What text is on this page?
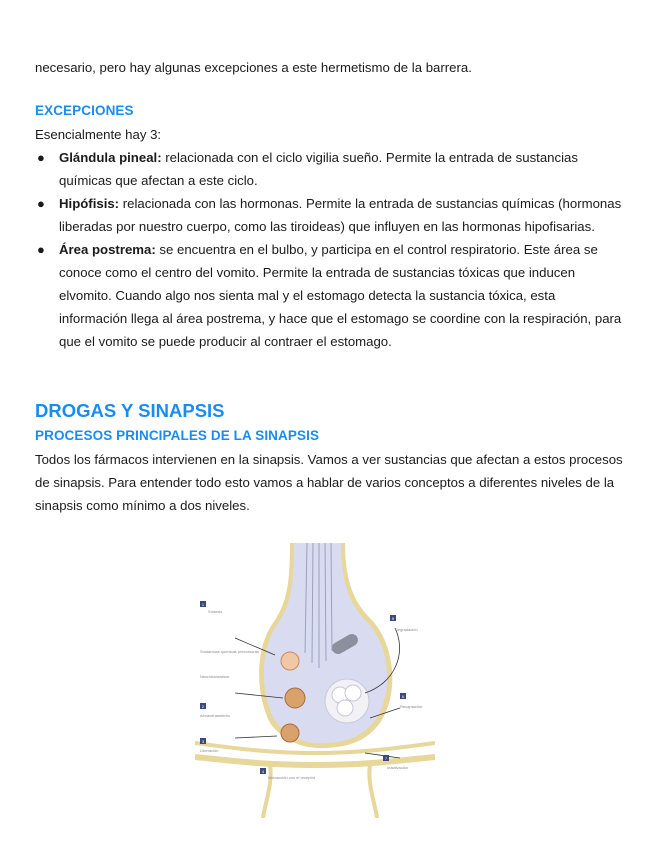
necesario, pero hay algunas excepciones a este hermetismo de la barrera.

EXCEPCIONES

Esencialmente hay 3:

● Glándula pineal: relacionada con el ciclo vigilia sueño. Permite la entrada de sustancias químicas que afectan a este ciclo.
● Hipófisis: relacionada con las hormonas. Permite la entrada de sustancias químicas (hormonas liberadas por nuestro cuerpo, como las tiroideas) que influyen en las hormonas hipofisarias.
● Área postrema: se encuentra en el bulbo, y participa en el control respiratorio. Este área se conoce como el centro del vomito. Permite la entrada de sustancias tóxicas que inducen elvomito. Cuando algo nos sienta mal y el estomago detecta la sustancia tóxica, esta información llega al área postrema, y hace que el estomago se coordine con la respiración, para que el vomito se puede producir al contraer el estomago.
DROGAS Y SINAPSIS
PROCESOS PRINCIPALES DE LA SINAPSIS

Todos los fármacos intervienen en la sinapsis. Vamos a ver sustancias que afectan a estos procesos de sinapsis. Para entender todo esto vamos a hablar de varios conceptos a diferentes niveles de la sinapsis como mínimo a dos niveles.

1
Síntesis
Sustancias químicas precursoras
Neurotransmisor
2
Almacenamiento
3
Liberación
4
Interacción con el receptor
5
Degradación
6
Recaptación
7
Inactivación
